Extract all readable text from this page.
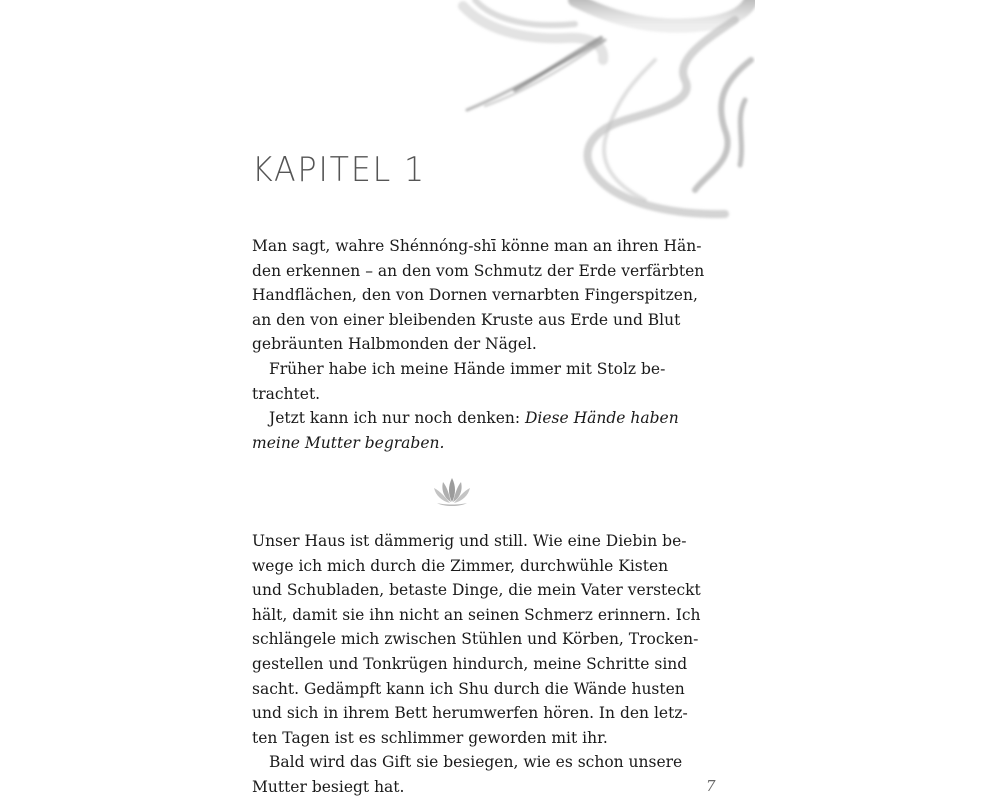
KAPITEL 1
Man sagt, wahre Shénnóng-shī könne man an ihren Hän-
den erkennen – an den vom Schmutz der Erde verfärbten
Handflächen, den von Dornen vernarbten Fingerspitzen,
an den von einer bleibenden Kruste aus Erde und Blut
gebräunten Halbmonden der Nägel.
Früher habe ich meine Hände immer mit Stolz be-
trachtet.
Jetzt kann ich nur noch denken: Diese Hände haben
meine Mutter begraben.
Unser Haus ist dämmerig und still. Wie eine Diebin be-
wege ich mich durch die Zimmer, durchwühle Kisten
und Schubladen, betaste Dinge, die mein Vater versteckt
hält, damit sie ihn nicht an seinen Schmerz erinnern. Ich
schlängele mich zwischen Stühlen und Körben, Trocken-
gestellen und Tonkrügen hindurch, meine Schritte sind
sacht. Gedämpft kann ich Shu durch die Wände husten
und sich in ihrem Bett herumwerfen hören. In den letz-
ten Tagen ist es schlimmer geworden mit ihr.
Bald wird das Gift sie besiegen, wie es schon unsere
Mutter besiegt hat.	7
